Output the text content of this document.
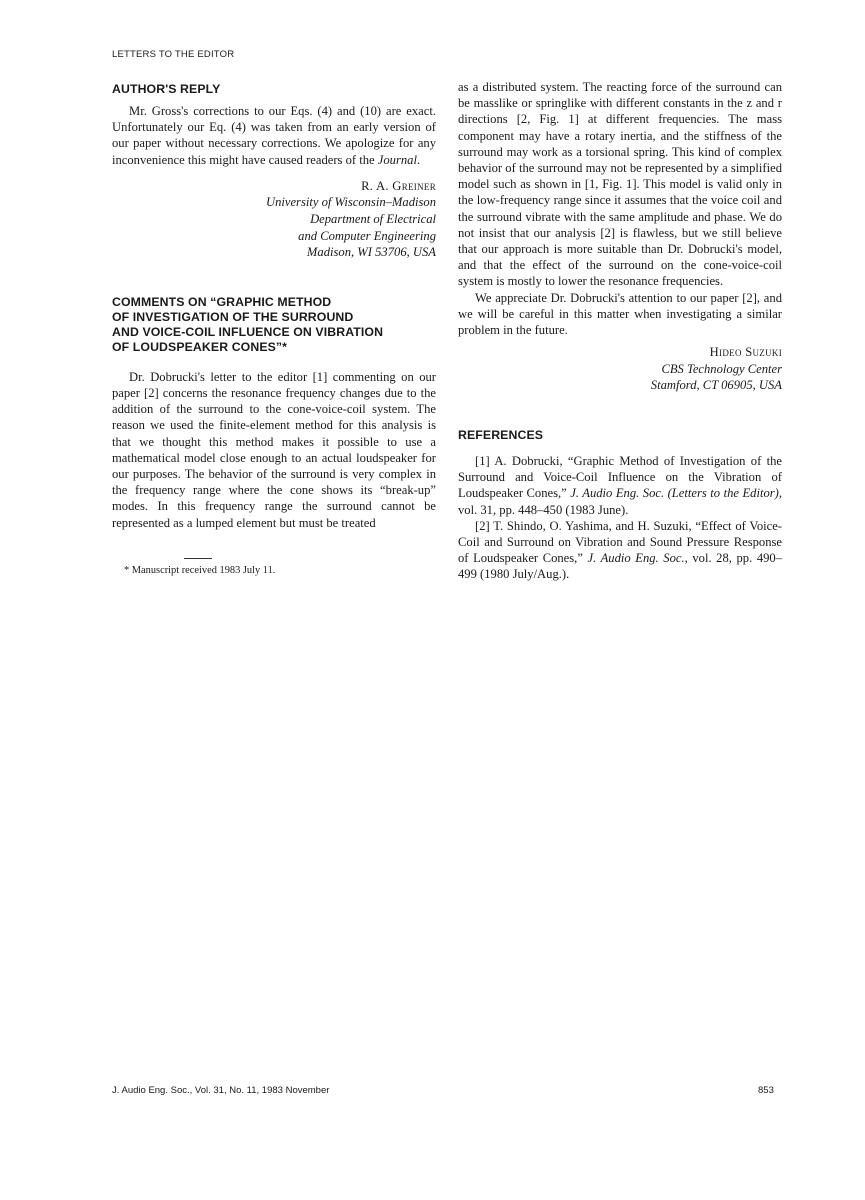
LETTERS TO THE EDITOR
AUTHOR'S REPLY

Mr. Gross's corrections to our Eqs. (4) and (10) are exact. Unfortunately our Eq. (4) was taken from an early version of our paper without necessary corrections. We apologize for any inconvenience this might have caused readers of the Journal.

R. A. Greiner
University of Wisconsin–Madison
Department of Electrical
and Computer Engineering
Madison, WI 53706, USA
COMMENTS ON “GRAPHIC METHOD
OF INVESTIGATION OF THE SURROUND
AND VOICE-COIL INFLUENCE ON VIBRATION
OF LOUDSPEAKER CONES”*

Dr. Dobrucki's letter to the editor [1] commenting on our paper [2] concerns the resonance frequency changes due to the addition of the surround to the cone-voice-coil system. The reason we used the finite-element method for this analysis is that we thought this method makes it possible to use a mathematical model close enough to an actual loudspeaker for our purposes. The behavior of the surround is very complex in the frequency range where the cone shows its “break-up” modes. In this frequency range the surround cannot be represented as a lumped element but must be treated

* Manuscript received 1983 July 11.

as a distributed system. The reacting force of the surround can be masslike or springlike with different constants in the z and r directions [2, Fig. 1] at different frequencies. The mass component may have a rotary inertia, and the stiffness of the surround may work as a torsional spring. This kind of complex behavior of the surround may not be represented by a simplified model such as shown in [1, Fig. 1]. This model is valid only in the low-frequency range since it assumes that the voice coil and the surround vibrate with the same amplitude and phase. We do not insist that our analysis [2] is flawless, but we still believe that our approach is more suitable than Dr. Dobrucki's model, and that the effect of the surround on the cone-voice-coil system is mostly to lower the resonance frequencies.

We appreciate Dr. Dobrucki's attention to our paper [2], and we will be careful in this matter when investigating a similar problem in the future.

Hideo Suzuki
CBS Technology Center
Stamford, CT 06905, USA
REFERENCES

[1] A. Dobrucki, “Graphic Method of Investigation of the Surround and Voice-Coil Influence on the Vibration of Loudspeaker Cones,” J. Audio Eng. Soc. (Letters to the Editor), vol. 31, pp. 448–450 (1983 June).

[2] T. Shindo, O. Yashima, and H. Suzuki, “Effect of Voice-Coil and Surround on Vibration and Sound Pressure Response of Loudspeaker Cones,” J. Audio Eng. Soc., vol. 28, pp. 490–499 (1980 July/Aug.).

J. Audio Eng. Soc., Vol. 31, No. 11, 1983 November	853
